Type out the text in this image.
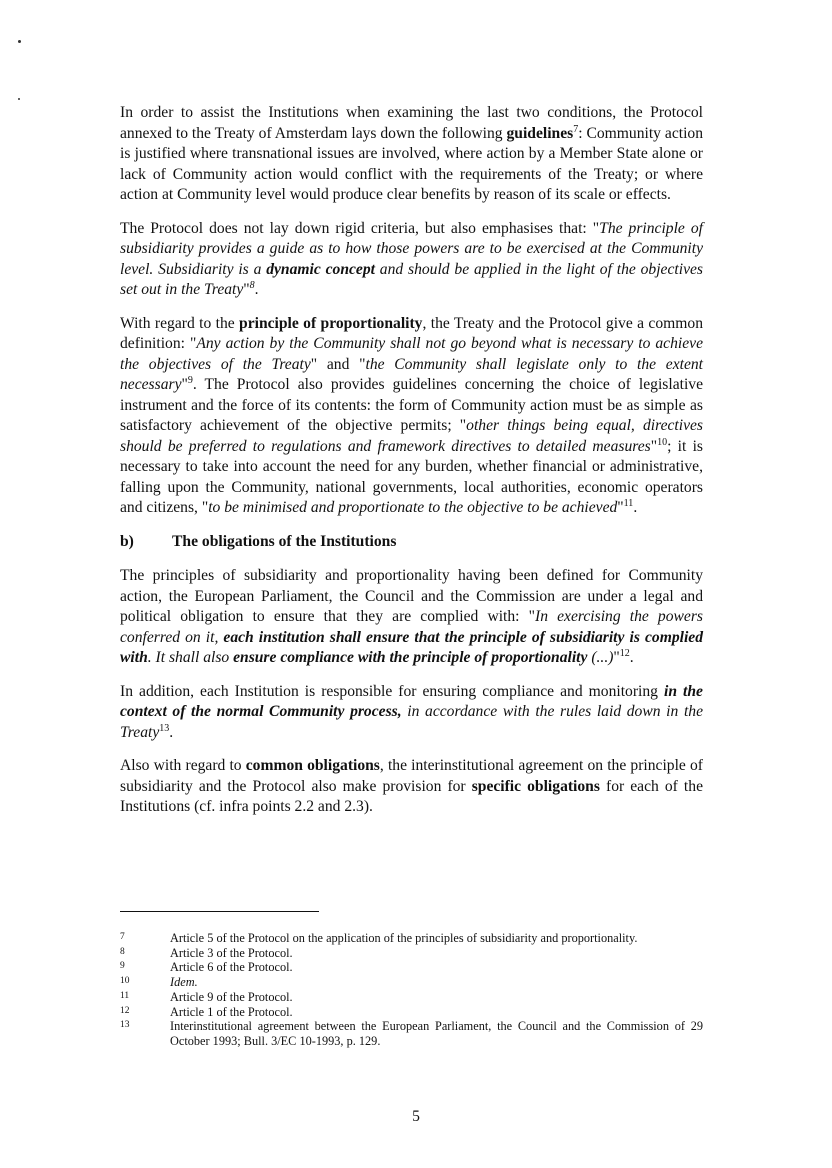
In order to assist the Institutions when examining the last two conditions, the Protocol annexed to the Treaty of Amsterdam lays down the following guidelines$^7$: Community action is justified where transnational issues are involved, where action by a Member State alone or lack of Community action would conflict with the requirements of the Treaty; or where action at Community level would produce clear benefits by reason of its scale or effects.

The Protocol does not lay down rigid criteria, but also emphasises that: "The principle of subsidiarity provides a guide as to how those powers are to be exercised at the Community level. Subsidiarity is a dynamic concept and should be applied in the light of the objectives set out in the Treaty"$^8$.

With regard to the principle of proportionality, the Treaty and the Protocol give a common definition: "Any action by the Community shall not go beyond what is necessary to achieve the objectives of the Treaty" and "the Community shall legislate only to the extent necessary"$^9$. The Protocol also provides guidelines concerning the choice of legislative instrument and the force of its contents: the form of Community action must be as simple as satisfactory achievement of the objective permits; "other things being equal, directives should be preferred to regulations and framework directives to detailed measures"$^{10}$; it is necessary to take into account the need for any burden, whether financial or administrative, falling upon the Community, national governments, local authorities, economic operators and citizens, "to be minimised and proportionate to the objective to be achieved"$^{11}$.

b)	The obligations of the Institutions

The principles of subsidiarity and proportionality having been defined for Community action, the European Parliament, the Council and the Commission are under a legal and political obligation to ensure that they are complied with: "In exercising the powers conferred on it, each institution shall ensure that the principle of subsidiarity is complied with. It shall also ensure compliance with the principle of proportionality (...)"$^{12}$.

In addition, each Institution is responsible for ensuring compliance and monitoring in the context of the normal Community process, in accordance with the rules laid down in the Treaty$^{13}$.

Also with regard to common obligations, the interinstitutional agreement on the principle of subsidiarity and the Protocol also make provision for specific obligations for each of the Institutions (cf. infra points 2.2 and 2.3).

7	Article 5 of the Protocol on the application of the principles of subsidiarity and proportionality.
8	Article 3 of the Protocol.
9	Article 6 of the Protocol.
10	Idem.
11	Article 9 of the Protocol.
12	Article 1 of the Protocol.
13	Interinstitutional agreement between the European Parliament, the Council and the Commission of 29 October 1993; Bull. 3/EC 10-1993, p. 129.
5
